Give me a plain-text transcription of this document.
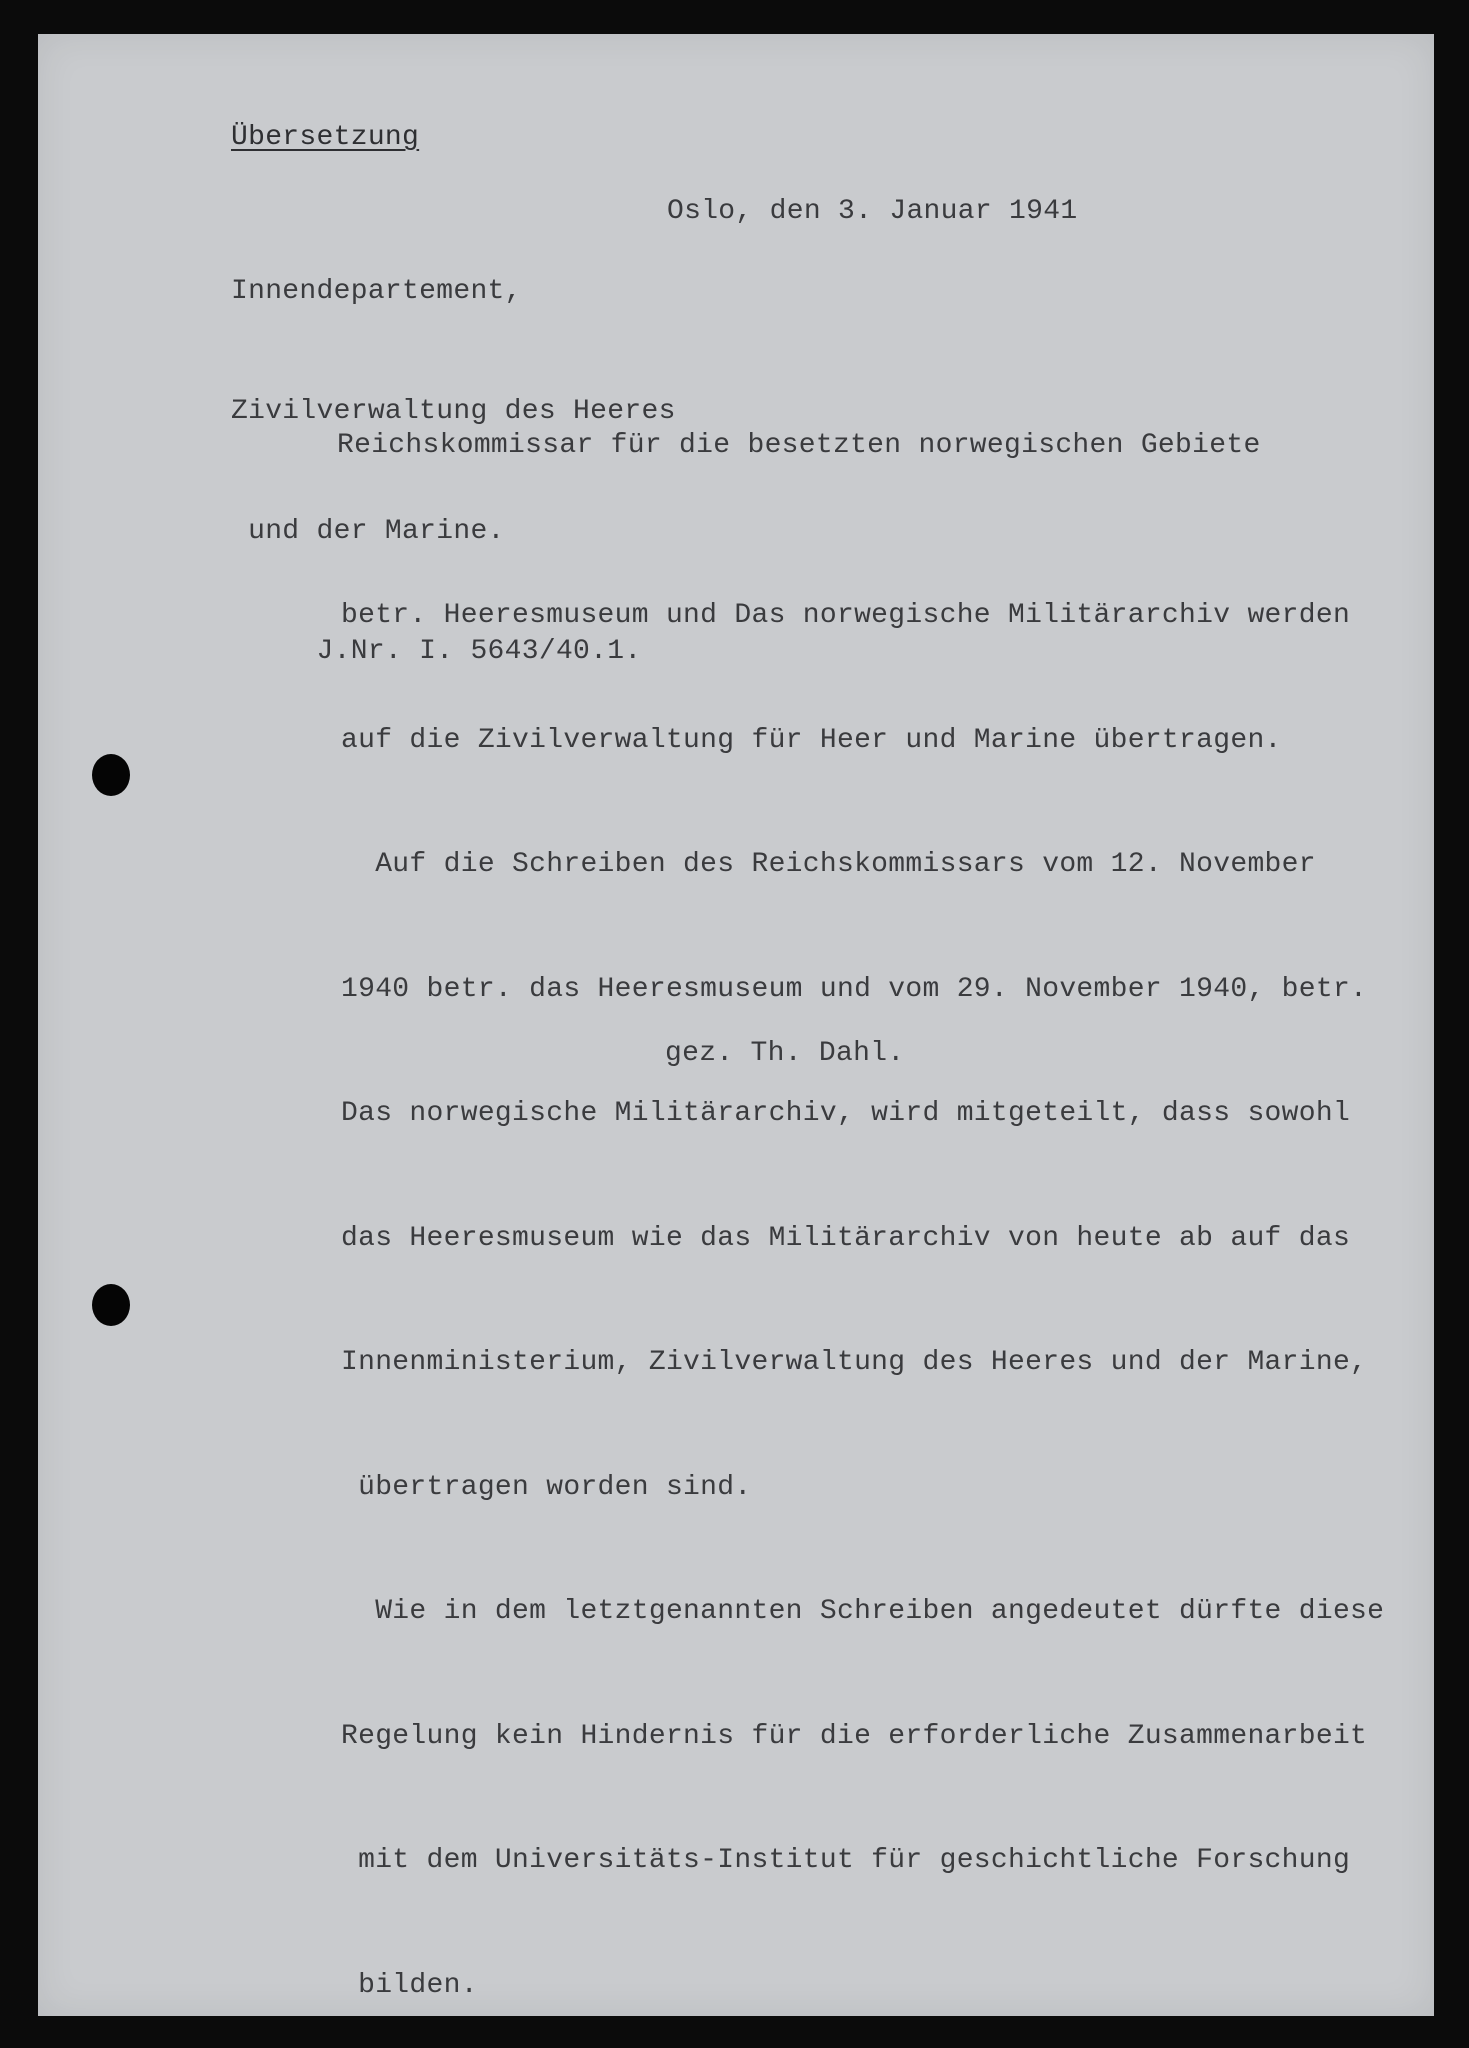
Übersetzung

Innendepartement,

Zivilverwaltung des Heeres

und der Marine.

J.Nr. I. 5643/40.1.

Oslo, den 3. Januar 1941
Reichskommissar für die besetzten norwegischen Gebiete

betr. Heeresmuseum und Das norwegische Militärarchiv werden

auf die Zivilverwaltung für Heer und Marine übertragen.

Auf die Schreiben des Reichskommissars vom 12. November

1940 betr. das Heeresmuseum und vom 29. November 1940, betr.

Das norwegische Militärarchiv, wird mitgeteilt, dass sowohl

das Heeresmuseum wie das Militärarchiv von heute ab auf das

Innenministerium, Zivilverwaltung des Heeres und der Marine,

übertragen worden sind.

Wie in dem letztgenannten Schreiben angedeutet dürfte diese

Regelung kein Hindernis für die erforderliche Zusammenarbeit

mit dem Universitäts-Institut für geschichtliche Forschung

bilden.

gez. Th. Dahl.
